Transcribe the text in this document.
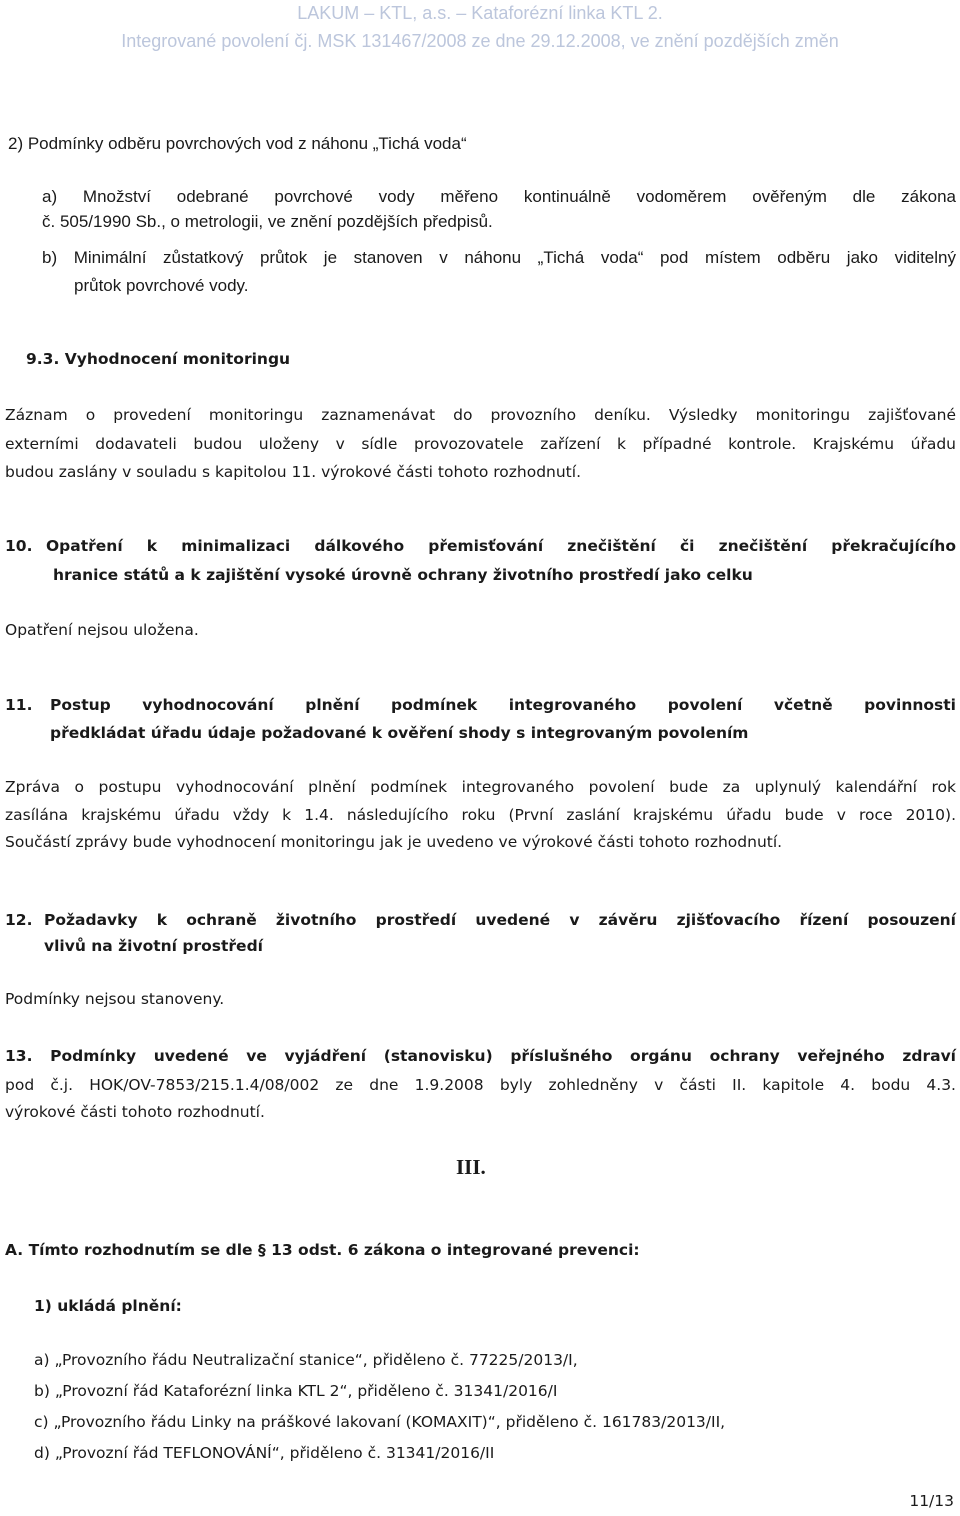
LAKUM – KTL, a.s. – Kataforézní linka KTL 2.
Integrované povolení čj. MSK 131467/2008 ze dne 29.12.2008, ve znění pozdějších změn
2) Podmínky odběru povrchových vod z náhonu „Tichá voda“
a) Množství odebrané povrchové vody měřeno kontinuálně vodoměrem ověřeným dle zákona
č. 505/1990 Sb., o metrologii, ve znění pozdějších předpisů.
b) Minimální zůstatkový průtok je stanoven v náhonu „Tichá voda“ pod místem odběru jako viditelný
průtok povrchové vody.
9.3. Vyhodnocení monitoringu
Záznam o provedení monitoringu zaznamenávat do provozního deníku. Výsledky monitoringu zajišťované
externími dodavateli budou uloženy v sídle provozovatele zařízení k případné kontrole. Krajskému úřadu
budou zaslány v souladu s kapitolou 11. výrokové části tohoto rozhodnutí.
10. Opatření k minimalizaci dálkového přemisťování znečištění či znečištění překračujícího
hranice států a k zajištění vysoké úrovně ochrany životního prostředí jako celku
Opatření nejsou uložena.
11. Postup vyhodnocování plnění podmínek integrovaného povolení včetně povinnosti
předkládat úřadu údaje požadované k ověření shody s integrovaným povolením
Zpráva o postupu vyhodnocování plnění podmínek integrovaného povolení bude za uplynulý kalendářní rok
zasílána krajskému úřadu vždy k 1.4. následujícího roku (První zaslání krajskému úřadu bude v roce 2010).
Součástí zprávy bude vyhodnocení monitoringu jak je uvedeno ve výrokové části tohoto rozhodnutí.
12. Požadavky k ochraně životního prostředí uvedené v závěru zjišťovacího řízení posouzení
vlivů na životní prostředí
Podmínky nejsou stanoveny.
13. Podmínky uvedené ve vyjádření (stanovisku) příslušného orgánu ochrany veřejného zdraví
pod č.j. HOK/OV-7853/215.1.4/08/002 ze dne 1.9.2008 byly zohledněny v části II. kapitole 4. bodu 4.3.
výrokové části tohoto rozhodnutí.
III.
A. Tímto rozhodnutím se dle § 13 odst. 6 zákona o integrované prevenci:
1) ukládá plnění:
a) „Provozního řádu Neutralizační stanice“, přiděleno č. 77225/2013/I,
b) „Provozní řád Kataforézní linka KTL 2“, přiděleno č. 31341/2016/I
c) „Provozního řádu Linky na práškové lakovaní (KOMAXIT)“, přiděleno č. 161783/2013/II,
d) „Provozní řád TEFLONOVÁNÍ“, přiděleno č. 31341/2016/II
11/13
